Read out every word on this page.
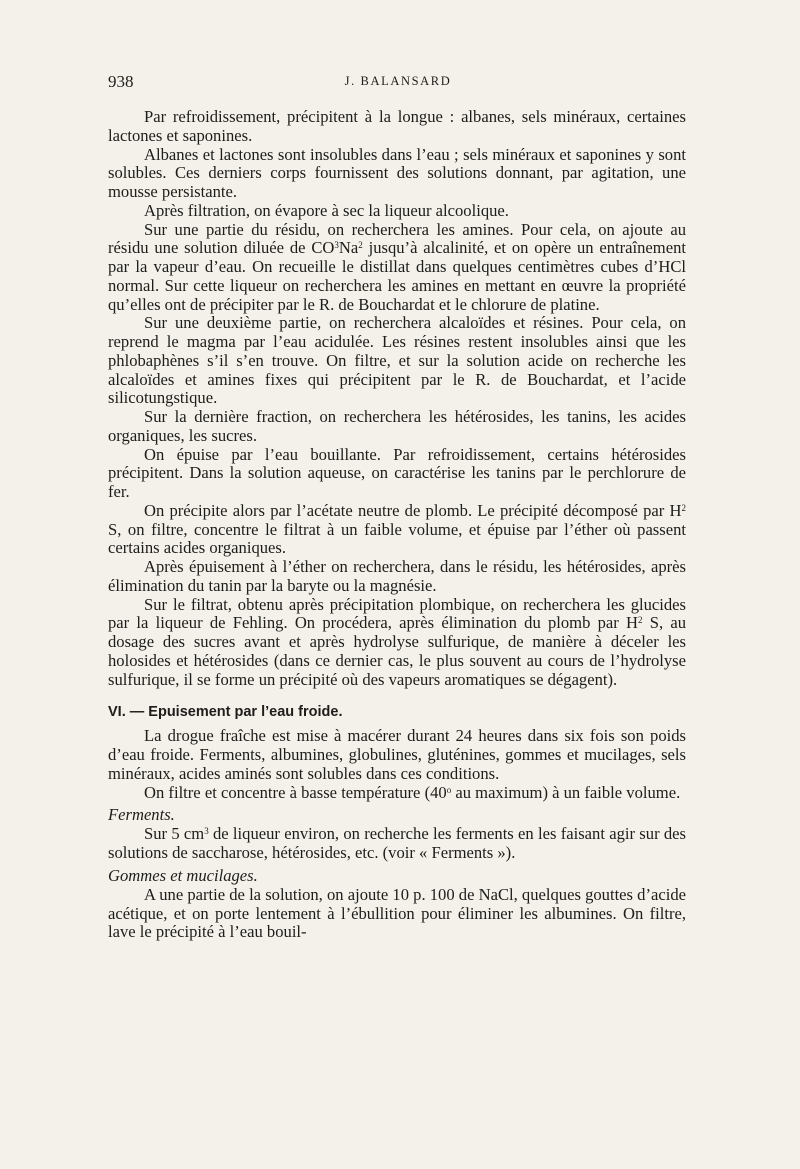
938	J. BALANSARD

Par refroidissement, précipitent à la longue : albanes, sels minéraux, certaines lactones et saponines.

Albanes et lactones sont insolubles dans l’eau ; sels minéraux et saponines y sont solubles. Ces derniers corps fournissent des solutions donnant, par agitation, une mousse persistante.

Après filtration, on évapore à sec la liqueur alcoolique.

Sur une partie du résidu, on recherchera les amines. Pour cela, on ajoute au résidu une solution diluée de $CO^3Na^2$ jusqu’à alcalinité, et on opère un entraînement par la vapeur d’eau. On recueille le distillat dans quelques centimètres cubes d’HCl normal. Sur cette liqueur on recherchera les amines en mettant en œuvre la propriété qu’elles ont de précipiter par le R. de Bouchardat et le chlorure de platine.

Sur une deuxième partie, on recherchera alcaloïdes et résines. Pour cela, on reprend le magma par l’eau acidulée. Les résines restent insolubles ainsi que les phlobaphènes s’il s’en trouve. On filtre, et sur la solution acide on recherche les alcaloïdes et amines fixes qui précipitent par le R. de Bouchardat, et l’acide silicotungstique.

Sur la dernière fraction, on recherchera les hétérosides, les tanins, les acides organiques, les sucres.

On épuise par l’eau bouillante. Par refroidissement, certains hétérosides précipitent. Dans la solution aqueuse, on caractérise les tanins par le perchlorure de fer.

On précipite alors par l’acétate neutre de plomb. Le précipité décomposé par $H^2$ S, on filtre, concentre le filtrat à un faible volume, et épuise par l’éther où passent certains acides organiques.

Après épuisement à l’éther on recherchera, dans le résidu, les hétérosides, après élimination du tanin par la baryte ou la magnésie.

Sur le filtrat, obtenu après précipitation plombique, on recherchera les glucides par la liqueur de Fehling. On procédera, après élimination du plomb par $H^2$ S, au dosage des sucres avant et après hydrolyse sulfurique, de manière à déceler les holosides et hétérosides (dans ce dernier cas, le plus souvent au cours de l’hydrolyse sulfurique, il se forme un précipité où des vapeurs aromatiques se dégagent).

VI. — Epuisement par l’eau froide.

La drogue fraîche est mise à macérer durant 24 heures dans six fois son poids d’eau froide. Ferments, albumines, globulines, gluténines, gommes et mucilages, sels minéraux, acides aminés sont solubles dans ces conditions.

On filtre et concentre à basse température (40$^o$ au maximum) à un faible volume.

Ferments.

Sur 5 $cm^3$ de liqueur environ, on recherche les ferments en les faisant agir sur des solutions de saccharose, hétérosides, etc. (voir « Ferments »).

Gommes et mucilages.

A une partie de la solution, on ajoute 10 p. 100 de NaCl, quelques gouttes d’acide acétique, et on porte lentement à l’ébullition pour éliminer les albumines. On filtre, lave le précipité à l’eau bouil-
